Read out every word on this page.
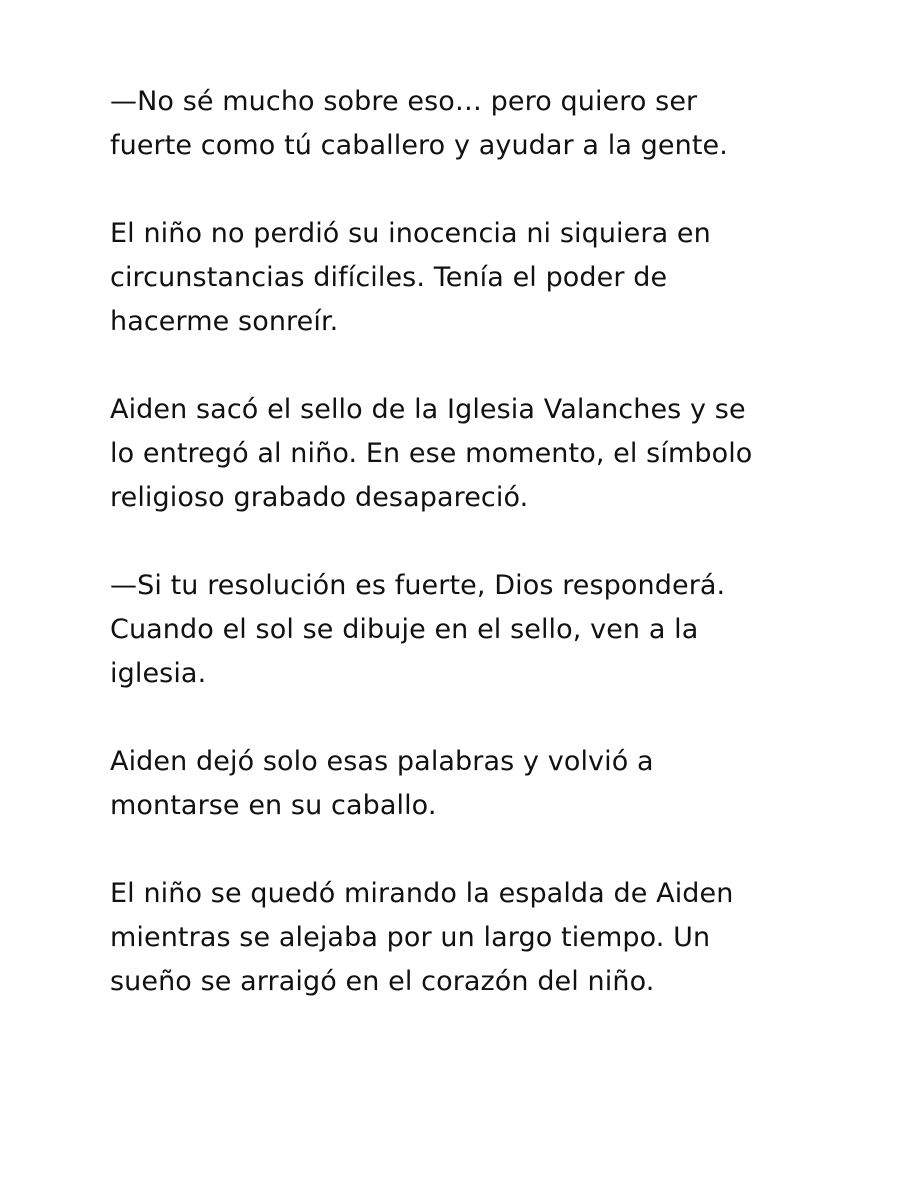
—No sé mucho sobre eso… pero quiero ser
fuerte como tú caballero y ayudar a la gente.

El niño no perdió su inocencia ni siquiera en
circunstancias difíciles. Tenía el poder de
hacerme sonreír.

Aiden sacó el sello de la Iglesia Valanches y se
lo entregó al niño. En ese momento, el símbolo
religioso grabado desapareció.

—Si tu resolución es fuerte, Dios responderá.
Cuando el sol se dibuje en el sello, ven a la
iglesia.

Aiden dejó solo esas palabras y volvió a
montarse en su caballo.

El niño se quedó mirando la espalda de Aiden
mientras se alejaba por un largo tiempo. Un
sueño se arraigó en el corazón del niño.
